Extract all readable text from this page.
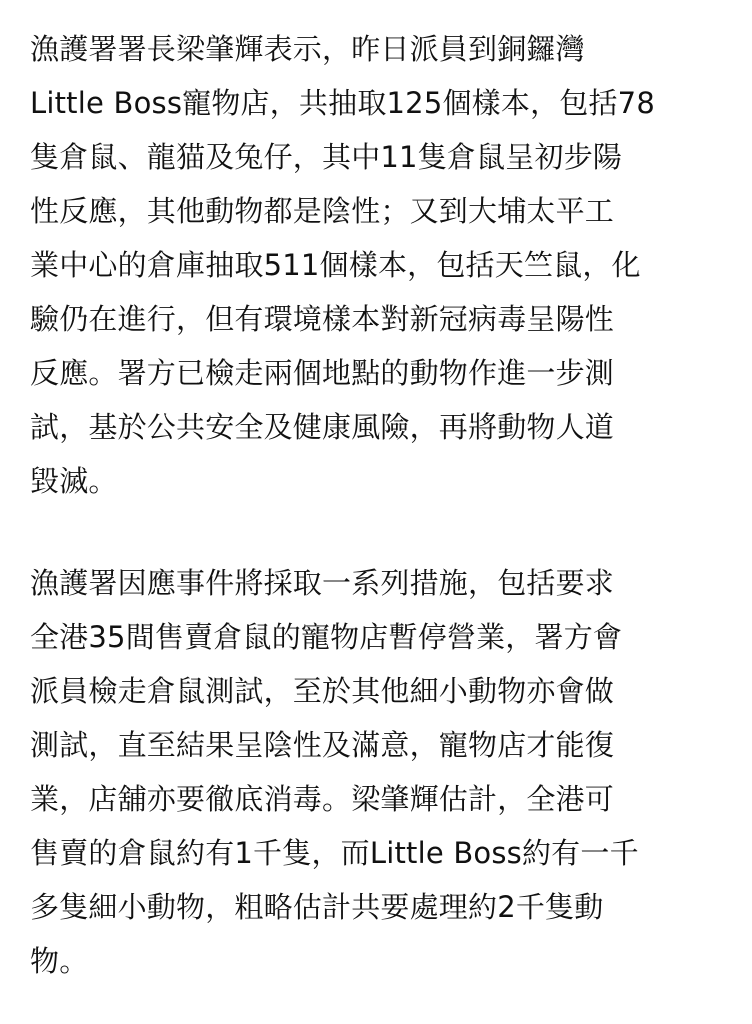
漁護署署長梁肇輝表示，昨日派員到銅鑼灣
Little Boss寵物店，共抽取125個樣本，包括78
隻倉鼠、龍猫及兔仔，其中11隻倉鼠呈初步陽
性反應，其他動物都是陰性；又到大埔太平工
業中心的倉庫抽取511個樣本，包括天竺鼠，化
驗仍在進行，但有環境樣本對新冠病毒呈陽性
反應。署方已檢走兩個地點的動物作進一步測
試，基於公共安全及健康風險，再將動物人道
毀滅。
漁護署因應事件將採取一系列措施，包括要求
全港35間售賣倉鼠的寵物店暫停營業，署方會
派員檢走倉鼠測試，至於其他細小動物亦會做
測試，直至結果呈陰性及滿意，寵物店才能復
業，店舖亦要徹底消毒。梁肇輝估計，全港可
售賣的倉鼠約有1千隻，而Little Boss約有一千
多隻細小動物，粗略估計共要處理約2千隻動
物。
